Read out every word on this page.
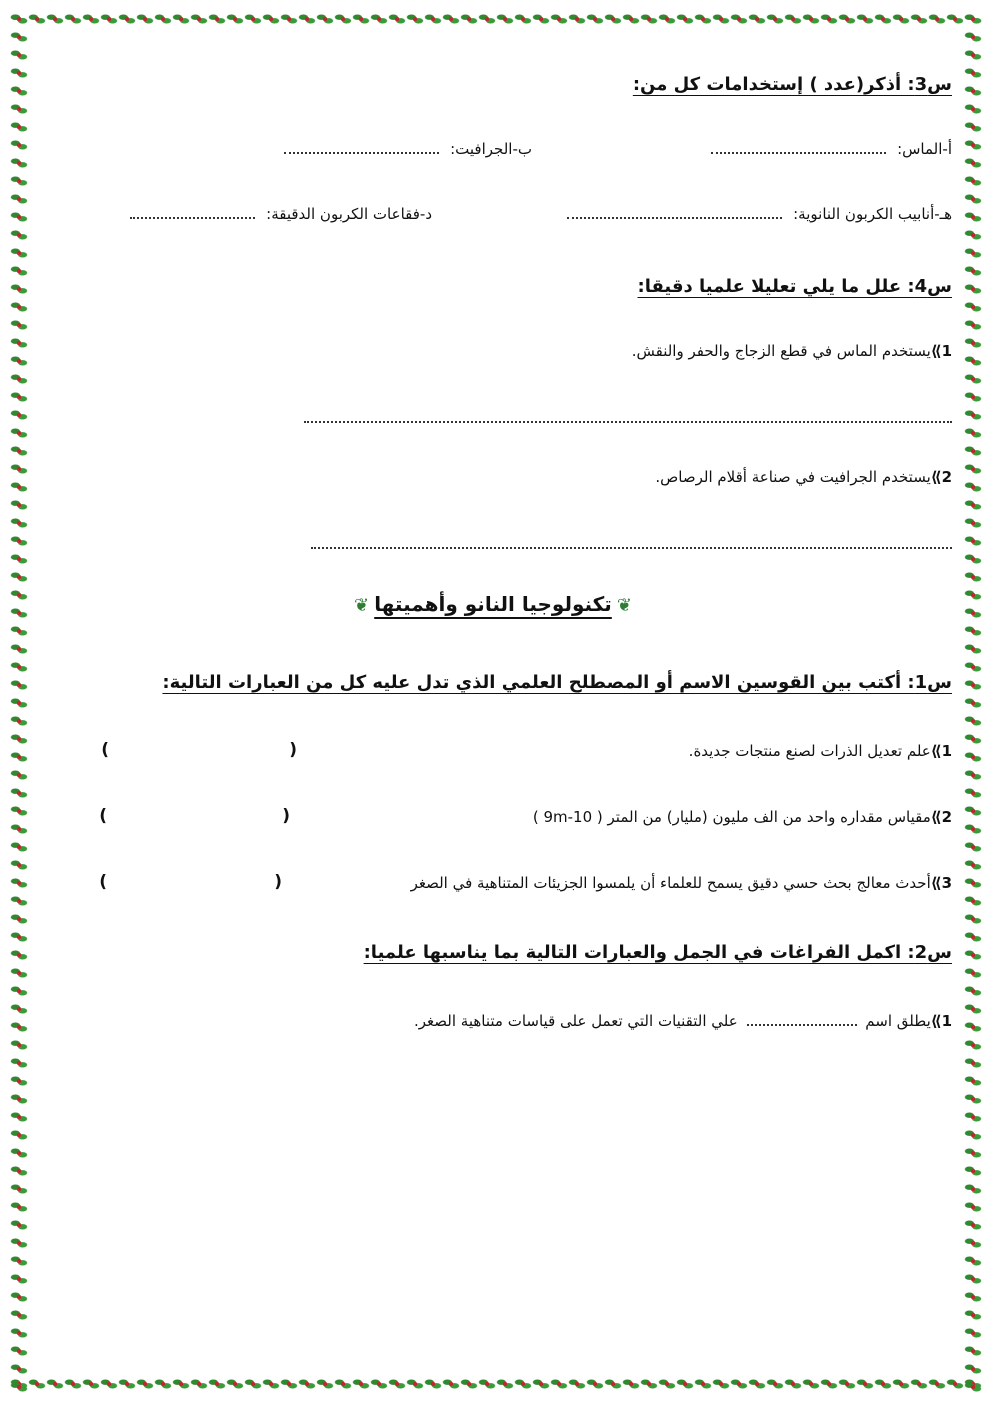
س3: أذكر(عدد ) إستخدامات كل من:
أ-الماس:
ب-الجرافيت:
هـ-أنابيب الكربون النانوية:
د-فقاعات الكربون الدقيقة:
س4: علل ما يلي تعليلا علميا دقيقا:
1⟫يستخدم الماس في قطع الزجاج والحفر والنقش.
2⟫يستخدم الجرافيت في صناعة أقلام الرصاص.
❦ تكنولوجيا النانو وأهميتها ❦
س1: أكتب بين القوسين الاسم أو المصطلح العلمي الذي تدل عليه كل من العبارات التالية:
1⟫علم تعديل الذرات لصنع منتجات جديدة.
(
)
2⟫مقياس مقداره واحد من الف مليون (مليار) من المتر ( 10-9m )
(
)
3⟫أحدث معالج بحث حسي دقيق يسمح للعلماء أن يلمسوا الجزيئات المتناهية في الصغر
(
)
س2: اكمل الفراغات في الجمل والعبارات التالية بما يناسبها علميا:
1⟫يطلق اسم  علي التقنيات التي تعمل على قياسات متناهية الصغر.
